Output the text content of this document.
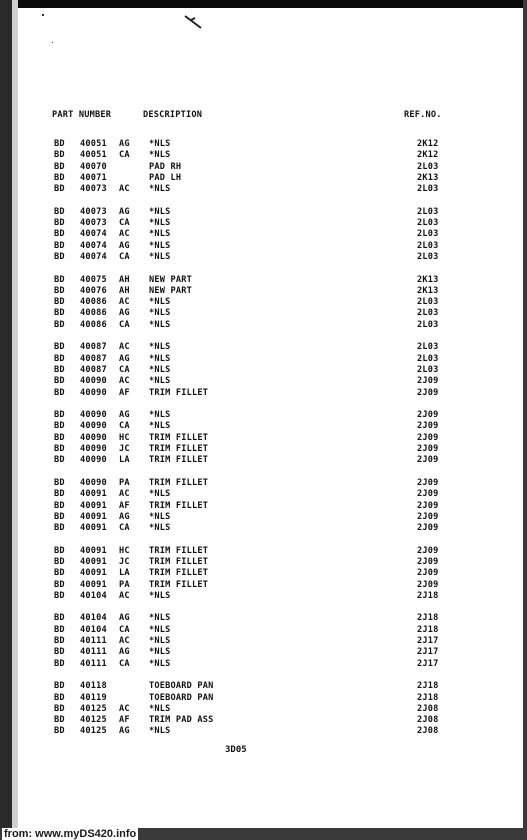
PART NUMBER	DESCRIPTION	REF.NO.
BD 40051 AG *NLS	2K12
BD 40051 CA *NLS	2K12
BD 40070	PAD RH	2L03
BD 40071	PAD LH	2K13
BD 40073 AC *NLS	2L03
BD 40073 AG *NLS	2L03
BD 40073 CA *NLS	2L03
BD 40074 AC *NLS	2L03
BD 40074 AG *NLS	2L03
BD 40074 CA *NLS	2L03
BD 40075 AH NEW PART	2K13
BD 40076 AH NEW PART	2K13
BD 40086 AC *NLS	2L03
BD 40086 AG *NLS	2L03
BD 40086 CA *NLS	2L03
BD 40087 AC *NLS	2L03
BD 40087 AG *NLS	2L03
BD 40087 CA *NLS	2L03
BD 40090 AC *NLS	2J09
BD 40090 AF TRIM FILLET	2J09
BD 40090 AG *NLS	2J09
BD 40090 CA *NLS	2J09
BD 40090 HC TRIM FILLET	2J09
BD 40090 JC TRIM FILLET	2J09
BD 40090 LA TRIM FILLET	2J09
BD 40090 PA TRIM FILLET	2J09
BD 40091 AC *NLS	2J09
BD 40091 AF TRIM FILLET	2J09
BD 40091 AG *NLS	2J09
BD 40091 CA *NLS	2J09
BD 40091 HC TRIM FILLET	2J09
BD 40091 JC TRIM FILLET	2J09
BD 40091 LA TRIM FILLET	2J09
BD 40091 PA TRIM FILLET	2J09
BD 40104 AC *NLS	2J18
BD 40104 AG *NLS	2J18
BD 40104 CA *NLS	2J18
BD 40111 AC *NLS	2J17
BD 40111 AG *NLS	2J17
BD 40111 CA *NLS	2J17
BD 40118	TOEBOARD PAN	2J18
BD 40119	TOEBOARD PAN	2J18
BD 40125 AC *NLS	2J08
BD 40125 AF TRIM PAD ASS	2J08
BD 40125 AG *NLS	2J08
3D05
from: www.myDS420.info
